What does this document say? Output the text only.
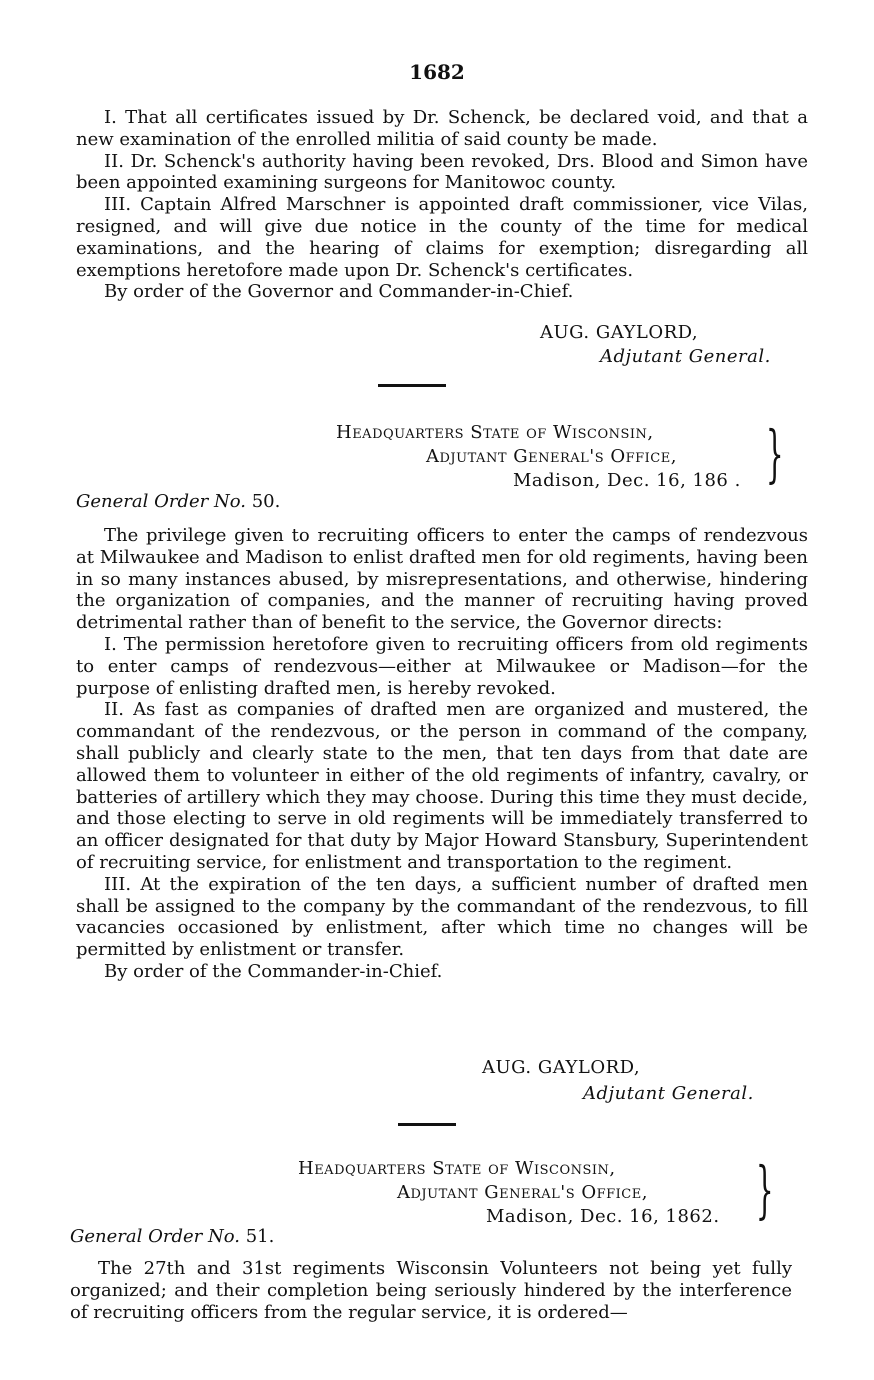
1682

I. That all certificates issued by Dr. Schenck, be declared void, and that a new examination of the enrolled militia of said county be made.

II. Dr. Schenck's authority having been revoked, Drs. Blood and Simon have been appointed examining surgeons for Manitowoc county.

III. Captain Alfred Marschner is appointed draft commissioner, vice Vilas, resigned, and will give due notice in the county of the time for medical examinations, and the hearing of claims for exemption; disregarding all exemptions heretofore made upon Dr. Schenck's certificates.

By order of the Governor and Commander-in-Chief.

AUG. GAYLORD,
Adjutant General.
Headquarters State of Wisconsin,
Adjutant General's Office,
Madison, Dec. 16, 186 . }
General Order No. 50.

The privilege given to recruiting officers to enter the camps of rendezvous at Milwaukee and Madison to enlist drafted men for old regiments, having been in so many instances abused, by misrepresentations, and otherwise, hindering the organization of companies, and the manner of recruiting having proved detrimental rather than of benefit to the service, the Governor directs:

I. The permission heretofore given to recruiting officers from old regiments to enter camps of rendezvous—either at Milwaukee or Madison—for the purpose of enlisting drafted men, is hereby revoked.

II. As fast as companies of drafted men are organized and mustered, the commandant of the rendezvous, or the person in command of the company, shall publicly and clearly state to the men, that ten days from that date are allowed them to volunteer in either of the old regiments of infantry, cavalry, or batteries of artillery which they may choose. During this time they must decide, and those electing to serve in old regiments will be immediately transferred to an officer designated for that duty by Major Howard Stansbury, Superintendent of recruiting service, for enlistment and transportation to the regiment.

III. At the expiration of the ten days, a sufficient number of drafted men shall be assigned to the company by the commandant of the rendezvous, to fill vacancies occasioned by enlistment, after which time no changes will be permitted by enlistment or transfer.

By order of the Commander-in-Chief.

AUG. GAYLORD,
Adjutant General.
Headquarters State of Wisconsin,
Adjutant General's Office,
Madison, Dec. 16, 1862. }
General Order No. 51.

The 27th and 31st regiments Wisconsin Volunteers not being yet fully organized; and their completion being seriously hindered by the interference of recruiting officers from the regular service, it is ordered—
